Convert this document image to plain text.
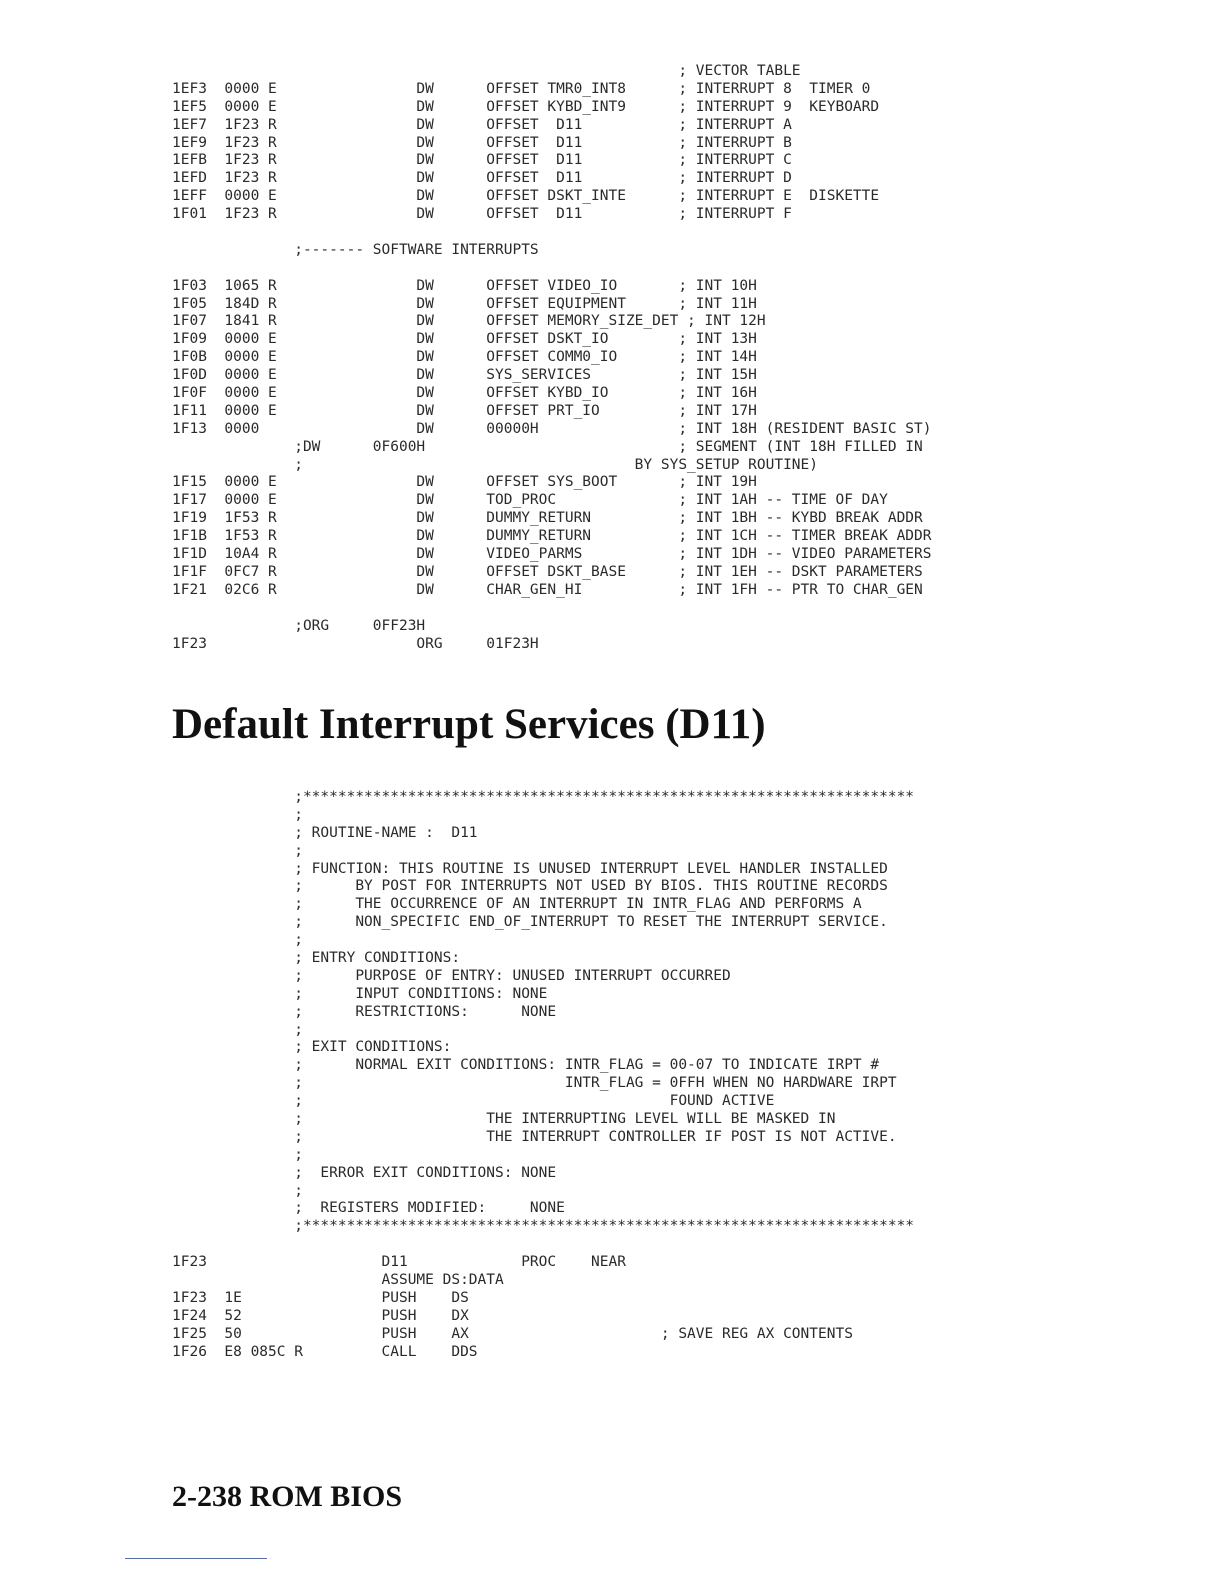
; VECTOR TABLE
1EF3  0000 E                DW      OFFSET TMR0_INT8      ; INTERRUPT 8  TIMER 0
1EF5  0000 E                DW      OFFSET KYBD_INT9      ; INTERRUPT 9  KEYBOARD
1EF7  1F23 R                DW      OFFSET  D11           ; INTERRUPT A
1EF9  1F23 R                DW      OFFSET  D11           ; INTERRUPT B
1EFB  1F23 R                DW      OFFSET  D11           ; INTERRUPT C
1EFD  1F23 R                DW      OFFSET  D11           ; INTERRUPT D
1EFF  0000 E                DW      OFFSET DSKT_INTE      ; INTERRUPT E  DISKETTE
1F01  1F23 R                DW      OFFSET  D11           ; INTERRUPT F
;------- SOFTWARE INTERRUPTS
1F03  1065 R                DW      OFFSET VIDEO_IO       ; INT 10H
1F05  184D R                DW      OFFSET EQUIPMENT      ; INT 11H
1F07  1841 R                DW      OFFSET MEMORY_SIZE_DET ; INT 12H
1F09  0000 E                DW      OFFSET DSKT_IO        ; INT 13H
1F0B  0000 E                DW      OFFSET COMM0_IO       ; INT 14H
1F0D  0000 E                DW      SYS_SERVICES          ; INT 15H
1F0F  0000 E                DW      OFFSET KYBD_IO        ; INT 16H
1F11  0000 E                DW      OFFSET PRT_IO         ; INT 17H
1F13  0000                  DW      00000H                ; INT 18H (RESIDENT BASIC ST)
;DW      0F600H                             ; SEGMENT (INT 18H FILLED IN
;                                      BY SYS_SETUP ROUTINE)
1F15  0000 E                DW      OFFSET SYS_BOOT       ; INT 19H
1F17  0000 E                DW      TOD_PROC              ; INT 1AH -- TIME OF DAY
1F19  1F53 R                DW      DUMMY_RETURN          ; INT 1BH -- KYBD BREAK ADDR
1F1B  1F53 R                DW      DUMMY_RETURN          ; INT 1CH -- TIMER BREAK ADDR
1F1D  10A4 R                DW      VIDEO_PARMS           ; INT 1DH -- VIDEO PARAMETERS
1F1F  0FC7 R                DW      OFFSET DSKT_BASE      ; INT 1EH -- DSKT PARAMETERS
1F21  02C6 R                DW      CHAR_GEN_HI           ; INT 1FH -- PTR TO CHAR_GEN
;ORG     0FF23H
1F23                        ORG     01F23H
Default Interrupt Services (D11)
;**********************************************************************
;
; ROUTINE-NAME :  D11
;
; FUNCTION: THIS ROUTINE IS UNUSED INTERRUPT LEVEL HANDLER INSTALLED
;      BY POST FOR INTERRUPTS NOT USED BY BIOS. THIS ROUTINE RECORDS
;      THE OCCURRENCE OF AN INTERRUPT IN INTR_FLAG AND PERFORMS A
;      NON_SPECIFIC END_OF_INTERRUPT TO RESET THE INTERRUPT SERVICE.
;
; ENTRY CONDITIONS:
;      PURPOSE OF ENTRY: UNUSED INTERRUPT OCCURRED
;      INPUT CONDITIONS: NONE
;      RESTRICTIONS:      NONE
;
; EXIT CONDITIONS:
;      NORMAL EXIT CONDITIONS: INTR_FLAG = 00-07 TO INDICATE IRPT #
;                              INTR_FLAG = 0FFH WHEN NO HARDWARE IRPT
;                                          FOUND ACTIVE
;                     THE INTERRUPTING LEVEL WILL BE MASKED IN
;                     THE INTERRUPT CONTROLLER IF POST IS NOT ACTIVE.
;
;  ERROR EXIT CONDITIONS: NONE
;
;  REGISTERS MODIFIED:     NONE
;**********************************************************************
1F23                    D11             PROC    NEAR
ASSUME DS:DATA
1F23  1E                PUSH    DS
1F24  52                PUSH    DX
1F25  50                PUSH    AX                      ; SAVE REG AX CONTENTS
1F26  E8 085C R         CALL    DDS
2-238 ROM BIOS
